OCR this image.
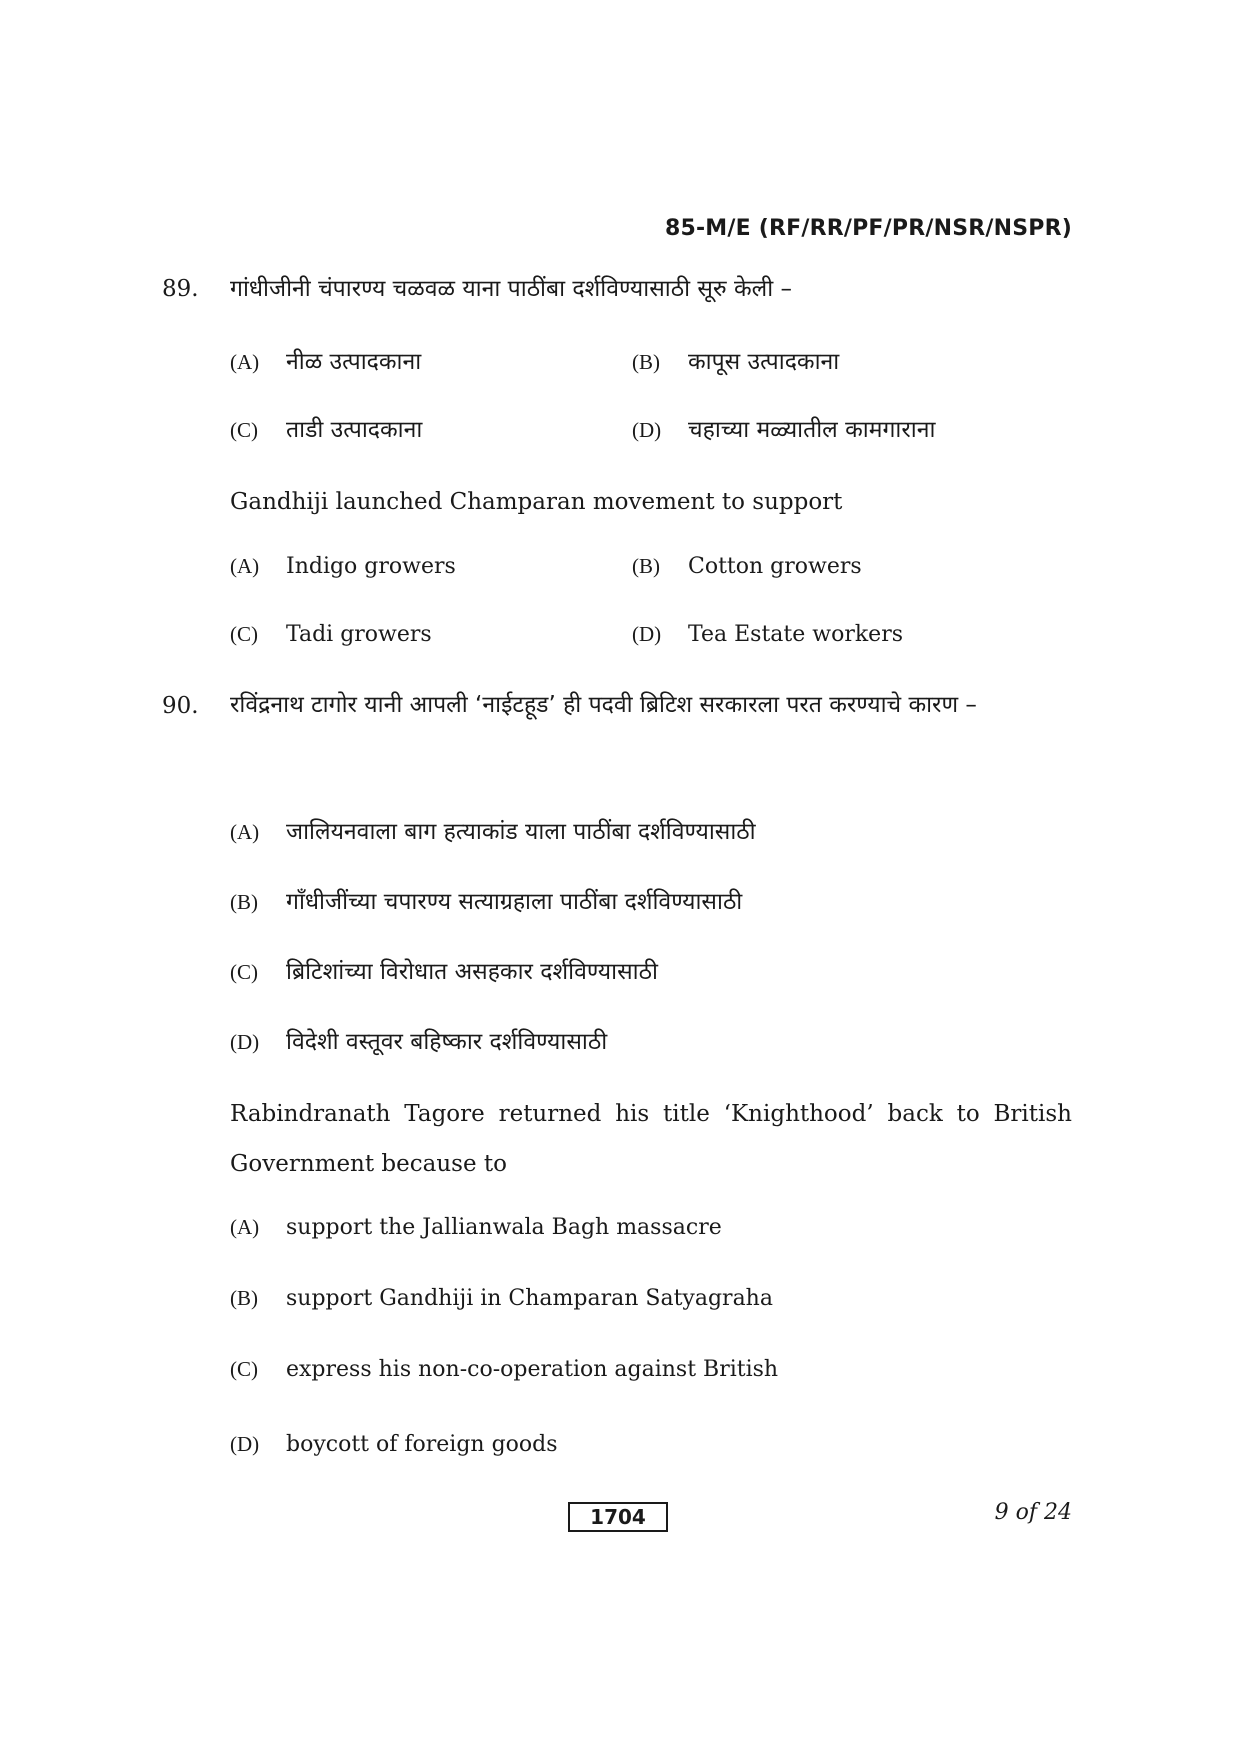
85-M/E (RF/RR/PF/PR/NSR/NSPR)
89. गांधीजीनी चंपारण्य चळवळ याना पाठींबा दर्शविण्यासाठी सूरु केली –
(A) नीळ उत्पादकाना	(B) कापूस उत्पादकाना
(C) ताडी उत्पादकाना	(D) चहाच्या मळ्यातील कामगाराना
Gandhiji launched Champaran movement to support
(A) Indigo growers	(B) Cotton growers
(C) Tadi growers	(D) Tea Estate workers
90. रविंद्रनाथ टागोर यानी आपली ‘नाईटहूड’ ही पदवी ब्रिटिश सरकारला परत करण्याचे कारण –
(A) जालियनवाला बाग हत्याकांड याला पाठींबा दर्शविण्यासाठी
(B) गाँधीजींच्या चपारण्य सत्याग्रहाला पाठींबा दर्शविण्यासाठी
(C) ब्रिटिशांच्या विरोधात असहकार दर्शविण्यासाठी
(D) विदेशी वस्तूवर बहिष्कार दर्शविण्यासाठी
Rabindranath Tagore returned his title ‘Knighthood’ back to British Government because to
(A) support the Jallianwala Bagh massacre
(B) support Gandhiji in Champaran Satyagraha
(C) express his non-co-operation against British
(D) boycott of foreign goods
1704	9 of 24
